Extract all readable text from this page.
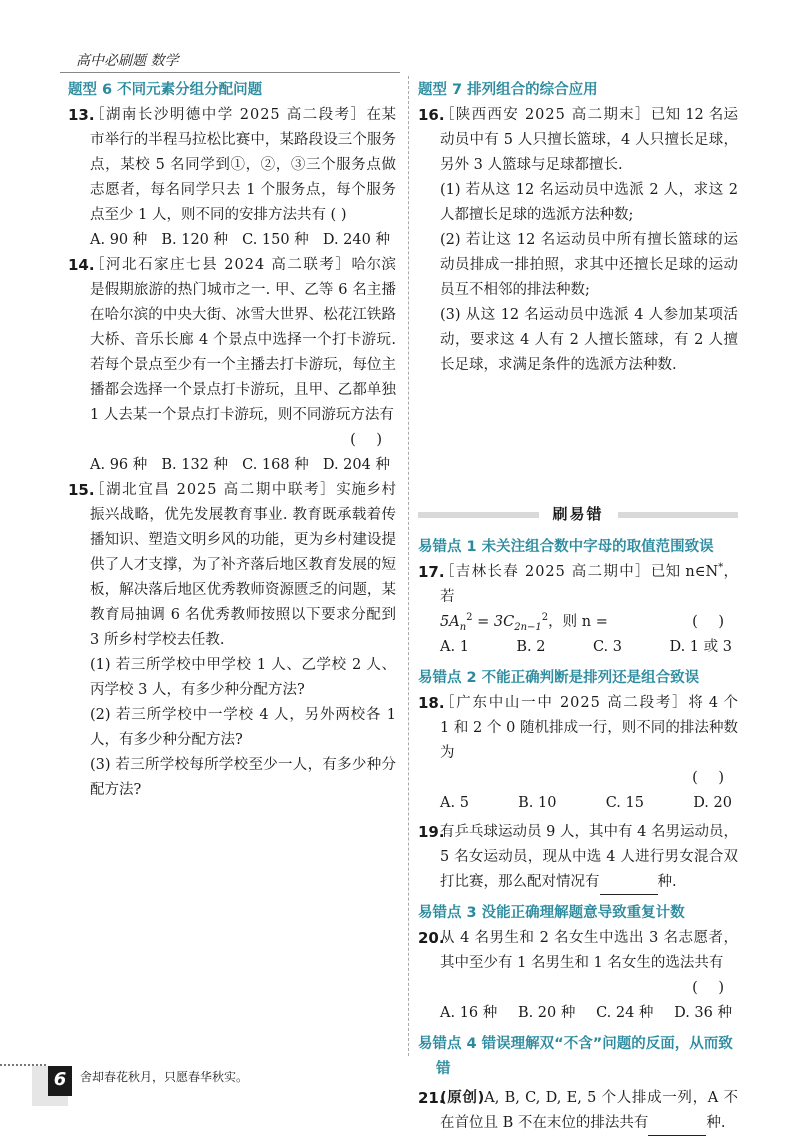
高中必刷题 数学
题型 6 不同元素分组分配问题
13.
［湖南长沙明德中学 2025 高二段考］在某市举行的半程马拉松比赛中，某路段设三个服务点，某校 5 名同学到①，②，③三个服务点做志愿者，每名同学只去 1 个服务点，每个服务点至少 1 人，则不同的安排方法共有 ( )
A. 90 种 B. 120 种 C. 150 种 D. 240 种
14.
［河北石家庄七县 2024 高二联考］哈尔滨是假期旅游的热门城市之一. 甲、乙等 6 名主播在哈尔滨的中央大街、冰雪大世界、松花江铁路大桥、音乐长廊 4 个景点中选择一个打卡游玩. 若每个景点至少有一个主播去打卡游玩，每位主播都会选择一个景点打卡游玩，且甲、乙都单独 1 人去某一个景点打卡游玩，则不同游玩方法有
( )
A. 96 种 B. 132 种 C. 168 种 D. 204 种
15.
［湖北宜昌 2025 高二期中联考］实施乡村振兴战略，优先发展教育事业. 教育既承载着传播知识、塑造文明乡风的功能，更为乡村建设提供了人才支撑，为了补齐落后地区教育发展的短板，解决落后地区优秀教师资源匮乏的问题，某教育局抽调 6 名优秀教师按照以下要求分配到 3 所乡村学校去任教.
(1) 若三所学校中甲学校 1 人、乙学校 2 人、丙学校 3 人，有多少种分配方法?
(2) 若三所学校中一学校 4 人，另外两校各 1 人，有多少种分配方法?
(3) 若三所学校每所学校至少一人，有多少种分配方法?
题型 7 排列组合的综合应用
16.
［陕西西安 2025 高二期末］已知 12 名运动员中有 5 人只擅长篮球，4 人只擅长足球，另外 3 人篮球与足球都擅长.
(1) 若从这 12 名运动员中选派 2 人，求这 2 人都擅长足球的选派方法种数;
(2) 若让这 12 名运动员中所有擅长篮球的运动员排成一排拍照，求其中还擅长足球的运动员互不相邻的排法种数;
(3) 从这 12 名运动员中选派 4 人参加某项活动，要求这 4 人有 2 人擅长篮球，有 2 人擅长足球，求满足条件的选派方法种数.
刷易错
易错点 1 未关注组合数中字母的取值范围致误
17.
［吉林长春 2025 高二期中］已知 n∈N*，若
$5A_n^2 = 3C_{2n-1}^2$，则 n =	( )
A. 1	B. 2	C. 3	D. 1 或 3
易错点 2 不能正确判断是排列还是组合致误
18.
［广东中山一中 2025 高二段考］将 4 个 1 和 2 个 0 随机排成一行，则不同的排法种数为
( )
A. 5	B. 10	C. 15	D. 20
19.
有乒乓球运动员 9 人，其中有 4 名男运动员，5 名女运动员，现从中选 4 人进行男女混合双打比赛，那么配对情况有	种.
易错点 3 没能正确理解题意导致重复计数
20.
从 4 名男生和 2 名女生中选出 3 名志愿者，其中至少有 1 名男生和 1 名女生的选法共有
( )
A. 16 种 B. 20 种 C. 24 种 D. 36 种
易错点 4 错误理解双“不含”问题的反面，从而致错
21.
(原创)A, B, C, D, E, 5 个人排成一列，A 不在首位且 B 不在末位的排法共有	种.
6	舍却春花秋月，只愿春华秋实。
